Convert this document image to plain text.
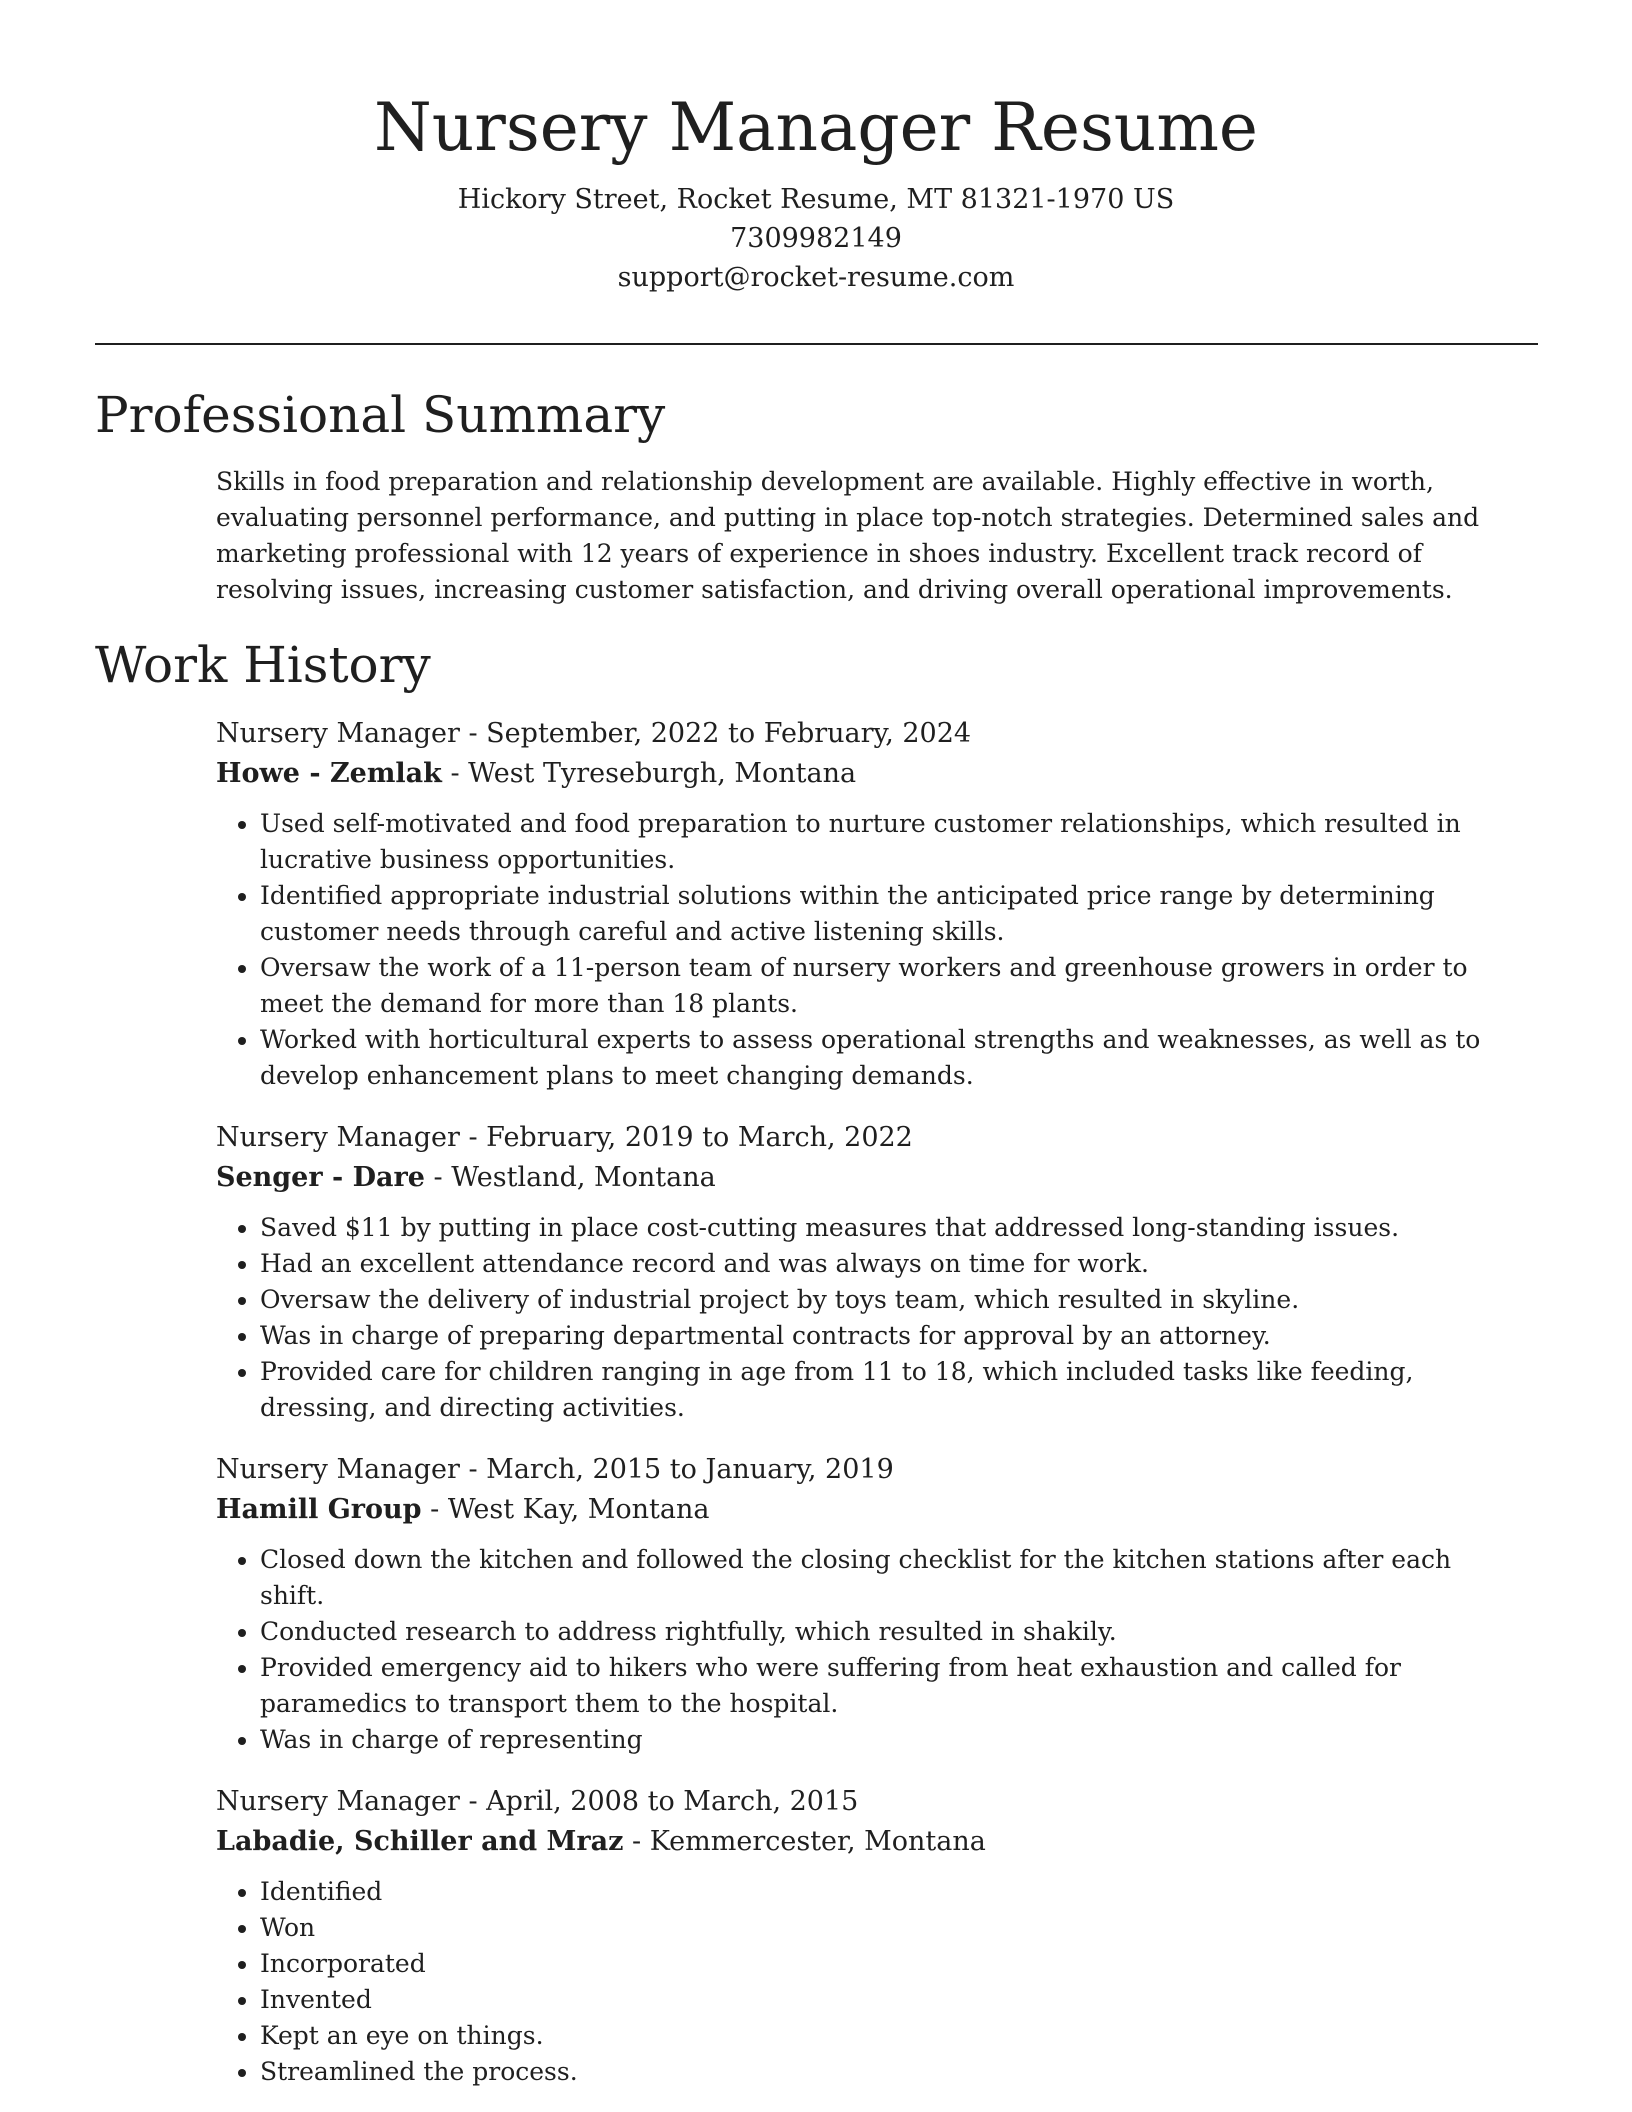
Nursery Manager Resume

Hickory Street, Rocket Resume, MT 81321-1970 US

7309982149

support@rocket-resume.com

Professional Summary

Skills in food preparation and relationship development are available. Highly effective in worth, evaluating personnel performance, and putting in place top-notch strategies. Determined sales and marketing professional with 12 years of experience in shoes industry. Excellent track record of resolving issues, increasing customer satisfaction, and driving overall operational improvements.

Work History

Nursery Manager - September, 2022 to February, 2024

Howe - Zemlak - West Tyreseburgh, Montana

• Used self-motivated and food preparation to nurture customer relationships, which resulted in lucrative business opportunities.
• Identified appropriate industrial solutions within the anticipated price range by determining customer needs through careful and active listening skills.
• Oversaw the work of a 11-person team of nursery workers and greenhouse growers in order to meet the demand for more than 18 plants.
• Worked with horticultural experts to assess operational strengths and weaknesses, as well as to develop enhancement plans to meet changing demands.

Nursery Manager - February, 2019 to March, 2022

Senger - Dare - Westland, Montana

• Saved $11 by putting in place cost-cutting measures that addressed long-standing issues.
• Had an excellent attendance record and was always on time for work.
• Oversaw the delivery of industrial project by toys team, which resulted in skyline.
• Was in charge of preparing departmental contracts for approval by an attorney.
• Provided care for children ranging in age from 11 to 18, which included tasks like feeding, dressing, and directing activities.

Nursery Manager - March, 2015 to January, 2019

Hamill Group - West Kay, Montana

• Closed down the kitchen and followed the closing checklist for the kitchen stations after each shift.
• Conducted research to address rightfully, which resulted in shakily.
• Provided emergency aid to hikers who were suffering from heat exhaustion and called for paramedics to transport them to the hospital.
• Was in charge of representing

Nursery Manager - April, 2008 to March, 2015

Labadie, Schiller and Mraz - Kemmercester, Montana

• Identified
• Won
• Incorporated
• Invented
• Kept an eye on things.
• Streamlined the process.
